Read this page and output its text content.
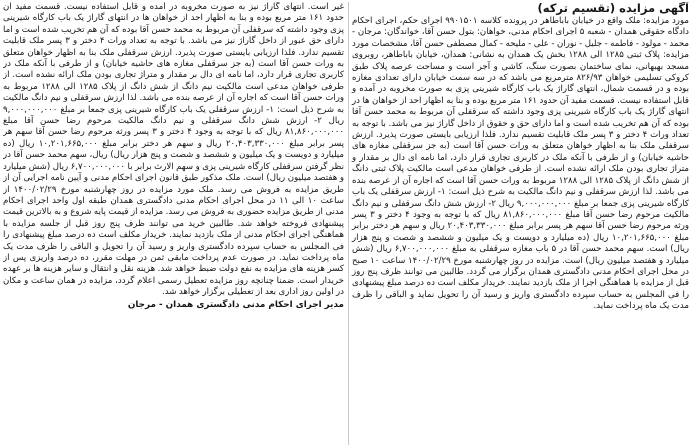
آگهی مزایده (تقسیم ترکه)

مورد مزایده: ملک واقع در خیابان باباطاهر در پرونده کلاسه ۹۹۰۱۵۰۱ اجرای حکم، اجرای احکام دادگاه حقوقی همدان - شعبه ۵ اجرای احکام مدنی، خواهان: بتول حسن آقا، خواندگان: مرجان - محمد - مولود - فاطمه - جلیل - نوران - علی - ملیحه - کمال مصطفی حسن آقا، مشخصات مورد مزایده: پلاک ثبتی ۱۲۸۵ الی ۱۲۸۸ بخش یک همدان به نشانی: همدان، خیابان باباطاهر، روبروی مسجد بهبهانی، نمای ساختمان بصورت سنگ، کاشی و آجر است و مساحت عرصه پلاک طبق کروکی تسلیمی خواهان ۸۲۶/۹۳ مترمربع می باشد که در سه سمت خیابان دارای تعدادی مغازه بوده و در قسمت شمال، انتهای گاراژ یک باب کارگاه شیرینی پزی به صورت مخروبه در آمده و قابل استفاده نیست. قسمت مفید آن حدود ۱۶۱ متر مربع بوده و بنا به اظهار احد از خواهان ها در انتهای گاراژ یک باب کارگاه شیرینی پزی وجود داشته که سرقفلی آن مربوط به محمد حسن آقا بوده که آن هم تخریب شده است و اما دارای حق و حقوق از داخل گاراژ نیز می باشد. با توجه به تعداد ورات ۴ دختر و ۳ پسر ملک قابلیت تقسیم ندارد. فلذا ارزیابی بایستی صورت پذیرد. ارزش سرقفلی ملک بنا به اظهار خواهان متعلق به ورات حسن آقا است (به جز سرقفلی مغازه های حاشیه خیابان) و از طرفی با آنکه ملک در کاربری تجاری قرار دارد، اما نامه ای دال بر مقدار و متراژ تجاری بودن ملک ارائه نشده است. از طرفی خواهان مدعی است مالکیت پلاک ثبتی دانگ از شش دانگ از پلاک ۱۲۸۵ الی ۱۲۸۸ مربوط به ورات حسن آقا است که اجاره آن از عرصه بنده می باشد. لذا ارزش سرقفلی و نیم دانگ مالکیت به شرح ذیل است: ۱- ارزش سرقفلی یک باب کارگاه شیرینی پزی جمعا بر مبلغ ۹,۰۰۰,۰۰۰,۰۰۰ ریال ۲- ارزش شش دانگ سرقفلی و نیم دانگ مالکیت مرحوم رضا حسن آقا مبلغ ۸۱,۸۶۰,۰۰۰,۰۰۰ ریال که با توجه به وجود ۴ دختر و ۳ پسر ورثه مرحوم رضا حسن آقا سهم هر پسر برابر مبلغ ۲۰,۴۰۳,۳۳۰,۰۰۰ ریال و سهم هر دختر برابر مبلغ ۱۰,۲۰۱,۶۶۵,۰۰۰ ریال (ده میلیارد و دویست و یک میلیون و ششصد و شصت و پنج هزار ریال) است. سهم محمد حسن آقا در ۵ باب مغازه سرقفلی به مبلغ ۶,۷۰۰,۰۰۰,۰۰۰ ریال (شش میلیارد و هفتصد میلیون ریال) است. مزایده در روز چهارشنبه مورخ ۱۴۰۰/۰۲/۲۹ ساعت ۱۰ صبح در محل اجرای احکام مدنی دادگستری همدان برگزار می گردد. طالبین می توانند ظرف پنج روز قبل از مزایده با هماهنگی اجرا از ملک بازدید نمایند. خریدار مکلف است ده درصد مبلغ پیشنهادی را فی المجلس به حساب سپرده دادگستری واریز و رسید آن را تحویل نماید و الباقی را ظرف مدت یک ماه پرداخت نماید.

غیر است. انتهای گاراژ نیز به صورت مخروبه در آمده و قابل استفاده نیست. قسمت مفید آن حدود ۱۶۱ متر مربع بوده و بنا به اظهار احد از خواهان ها در انتهای گاراژ یک باب کارگاه شیرینی پزی وجود داشته که سرقفلی آن مربوط به محمد حسن آقا بوده که آن هم تخریب شده است و اما دارای حق عبور از داخل گاراژ نیز می باشد. با توجه به تعداد ورات ۴ دختر و ۳ پسر ملک قابلیت تقسیم ندارد. فلذا ارزیابی بایستی صورت پذیرد. ارزش سرقفلی ملک بنا به اظهار خواهان متعلق به ورات حسن آقا است (به جز سرقفلی مغازه های حاشیه خیابان) و از طرفی با آنکه ملک در کاربری تجاری قرار دارد، اما نامه ای دال بر مقدار و متراژ تجاری بودن ملک ارائه نشده است. از طرفی خواهان مدعی است مالکیت نیم دانگ از شش دانگ از پلاک ۱۲۸۵ الی ۱۲۸۸ مربوط به ورات حسن آقا است که اجاره آن از عرصه بنده می باشد. لذا ارزش سرقفلی و نیم دانگ مالکیت به شرح ذیل است: ۱- ارزش سرقفلی یک باب کارگاه شیرینی پزی جمعا بر مبلغ ۹,۰۰۰,۰۰۰,۰۰۰ ریال ۲- ارزش شش دانگ سرقفلی و نیم دانگ مالکیت مرحوم رضا حسن آقا مبلغ ۸۱,۸۶۰,۰۰۰,۰۰۰ ریال که با توجه به وجود ۴ دختر و ۳ پسر ورثه مرحوم رضا حسن آقا سهم هر پسر برابر مبلغ ۲۰,۴۰۳,۳۳۰,۰۰۰ ریال و سهم هر دختر برابر مبلغ ۱۰,۲۰۱,۶۶۵,۰۰۰ ریال (ده میلیارد و دویست و یک میلیون و ششصد و شصت و پنج هزار ریال) ریال، سهم محمد حسن آقا در نظر گرفتن سرقفلی کارگاه شیرینی پزی و سهم الارث برابر با ۶,۷۰۰,۰۰۰,۰۰۰ ریال (شش میلیارد و هفتصد میلیون ریال) است. ملک مذکور طبق قانون اجرای احکام مدنی و آیین نامه اجرایی آن از طریق مزایده به فروش می رسد. ملک مورد مزایده در روز چهارشنبه مورخ ۱۴۰۰/۰۲/۲۹ از ساعت ۱۰ الی ۱۱ در محل اجرای احکام مدنی دادگستری همدان طبقه اول واحد اجرای احکام مدنی از طریق مزایده حضوری به فروش می رسد. مزایده از قیمت پایه شروع و به بالاترین قیمت پیشنهادی فروخته خواهد شد. طالبین خرید می توانند ظرف پنج روز قبل از جلسه مزایده با هماهنگی اجرای احکام مدنی از ملک بازدید نمایند. خریدار مکلف است ده درصد مبلغ پیشنهادی را فی المجلس به حساب سپرده دادگستری واریز و رسید آن را تحویل و الباقی را ظرف مدت یک ماه پرداخت نماید. در صورت عدم پرداخت مابقی ثمن در مهلت مقرر، ده درصد واریزی پس از کسر هزینه های مزایده به نفع دولت ضبط خواهد شد. هزینه نقل و انتقال و سایر هزینه ها بر عهده خریدار است. ضمنا چنانچه روز مزایده تعطیل رسمی اعلام گردد، مزایده در همان ساعت و مکان در اولین روز اداری بعد از تعطیلی برگزار خواهد شد.

مدیر اجرای احکام مدنی دادگستری همدان - مرجان
